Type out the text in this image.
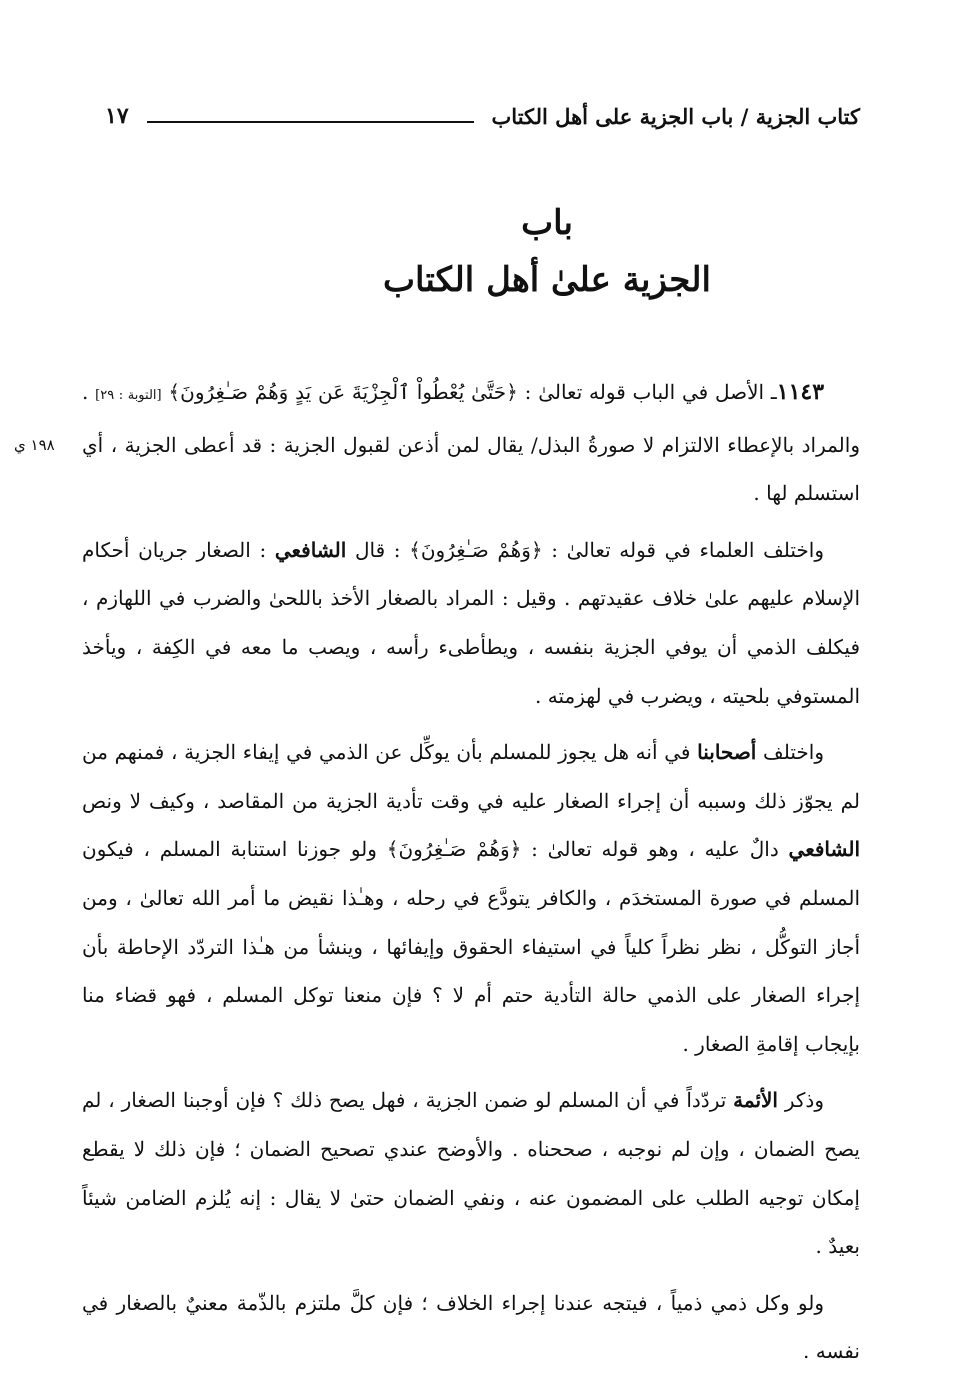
كتاب الجزية / باب الجزية على أهل الكتاب
١٧
باب
الجزية علىٰ أهل الكتاب
١٩٨ ي

١١٤٣ـ الأصل في الباب قوله تعالىٰ : ﴿حَتَّىٰ يُعْطُواْ ٱلْجِزْيَةَ عَن يَدٍ وَهُمْ صَـٰغِرُونَ﴾ [التوبة : ٢٩] . والمراد بالإعطاء الالتزام لا صورةُ البذل/ يقال لمن أذعن لقبول الجزية : قد أعطى الجزية ، أي استسلم لها .

واختلف العلماء في قوله تعالىٰ : ﴿وَهُمْ صَـٰغِرُونَ﴾ : قال الشافعي : الصغار جريان أحكام الإسلام عليهم علىٰ خلاف عقيدتهم . وقيل : المراد بالصغار الأخذ باللحىٰ والضرب في اللهازم ، فيكلف الذمي أن يوفي الجزية بنفسه ، ويطأطىء رأسه ، ويصب ما معه في الكِفة ، ويأخذ المستوفي بلحيته ، ويضرب في لهزمته .

واختلف أصحابنا في أنه هل يجوز للمسلم بأن يوكِّل عن الذمي في إيفاء الجزية ، فمنهم من لم يجوّز ذلك وسببه أن إجراء الصغار عليه في وقت تأدية الجزية من المقاصد ، وكيف لا ونص الشافعي دالٌ عليه ، وهو قوله تعالىٰ : ﴿وَهُمْ صَـٰغِرُونَ﴾ ولو جوزنا استنابة المسلم ، فيكون المسلم في صورة المستخدَم ، والكافر يتودَّع في رحله ، وهـٰذا نقيض ما أمر الله تعالىٰ ، ومن أجاز التوكُّل ، نظر نظراً كلياً في استيفاء الحقوق وإيفائها ، وينشأ من هـٰذا التردّد الإحاطة بأن إجراء الصغار على الذمي حالة التأدية حتم أم لا ؟ فإن منعنا توكل المسلم ، فهو قضاء منا بإيجاب إقامةِ الصغار .

وذكر الأئمة تردّداً في أن المسلم لو ضمن الجزية ، فهل يصح ذلك ؟ فإن أوجبنا الصغار ، لم يصح الضمان ، وإن لم نوجبه ، صححناه . والأوضح عندي تصحيح الضمان ؛ فإن ذلك لا يقطع إمكان توجيه الطلب على المضمون عنه ، ونفي الضمان حتىٰ لا يقال : إنه يُلزم الضامن شيئاً بعيدٌ .

ولو وكل ذمي ذمياً ، فيتجه عندنا إجراء الخلاف ؛ فإن كلَّ ملتزم بالذّمة معنيٌ بالصغار في نفسه .
